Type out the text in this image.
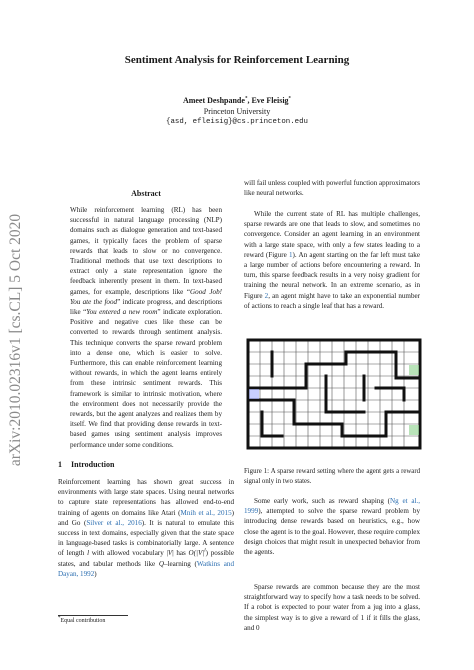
arXiv:2010.02316v1 [cs.CL] 5 Oct 2020
Sentiment Analysis for Reinforcement Learning
Ameet Deshpande*, Eve Fleisig*
Princeton University
{asd, efleisig}@cs.princeton.edu
Abstract

While reinforcement learning (RL) has been successful in natural language processing (NLP) domains such as dialogue generation and text-based games, it typically faces the problem of sparse rewards that leads to slow or no convergence. Traditional methods that use text descriptions to extract only a state representation ignore the feedback inherently present in them. In text-based games, for example, descriptions like “Good Job! You ate the food” indicate progress, and descriptions like “You entered a new room” indicate exploration. Positive and negative cues like these can be converted to rewards through sentiment analysis. This technique converts the sparse reward problem into a dense one, which is easier to solve. Furthermore, this can enable reinforcement learning without rewards, in which the agent learns entirely from these intrinsic sentiment rewards. This framework is similar to intrinsic motivation, where the environment does not necessarily provide the rewards, but the agent analyzes and realizes them by itself. We find that providing dense rewards in text-based games using sentiment analysis improves performance under some conditions.

1 Introduction

Reinforcement learning has shown great success in environments with large state spaces. Using neural networks to capture state representations has allowed end-to-end training of agents on domains like Atari (Mnih et al., 2015) and Go (Silver et al., 2016). It is natural to emulate this success in text domains, especially given that the state space in language-based tasks is combinatorially large. A sentence of length l with allowed vocabulary |V| has $O(|V|^l)$ possible states, and tabular methods like Q–learning (Watkins and Dayan, 1992)

*Equal contribution

will fail unless coupled with powerful function approximators like neural networks.

While the current state of RL has multiple challenges, sparse rewards are one that leads to slow, and sometimes no convergence. Consider an agent learning in an environment with a large state space, with only a few states leading to a reward (Figure 1). An agent starting on the far left must take a large number of actions before encountering a reward. In turn, this sparse feedback results in a very noisy gradient for training the neural network. In an extreme scenario, as in Figure 2, an agent might have to take an exponential number of actions to reach a single leaf that has a reward.

Figure 1: A sparse reward setting where the agent gets a reward signal only in two states.

Some early work, such as reward shaping (Ng et al., 1999), attempted to solve the sparse reward problem by introducing dense rewards based on heuristics, e.g., how close the agent is to the goal. However, these require complex design choices that might result in unexpected behavior from the agents.

Sparse rewards are common because they are the most straightforward way to specify how a task needs to be solved. If a robot is expected to pour water from a jug into a glass, the simplest way is to give a reward of 1 if it fills the glass, and 0
